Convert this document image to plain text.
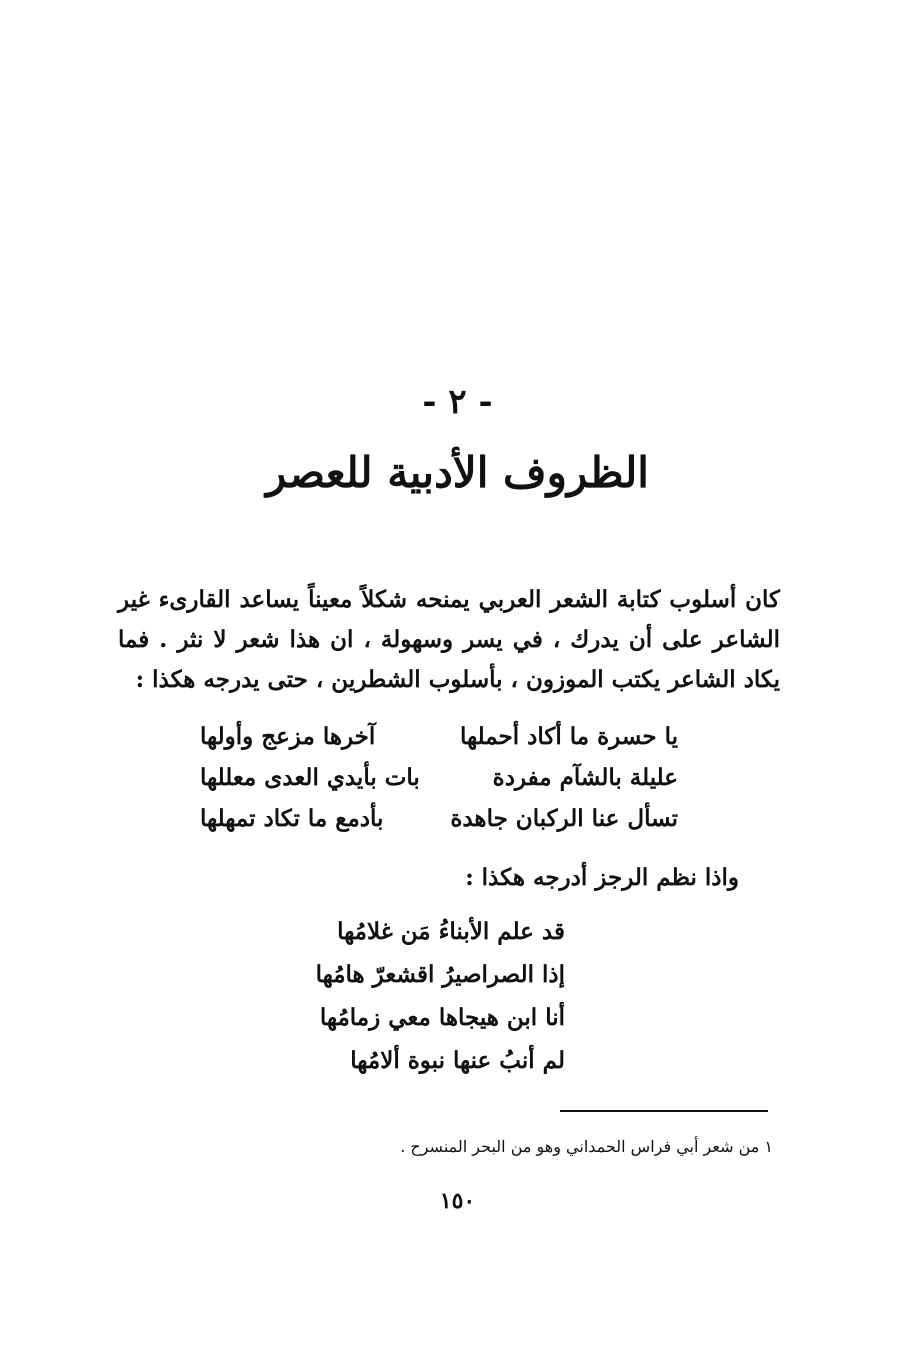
- ٢ -
الظروف الأدبية للعصر

كان أسلوب كتابة الشعر العربي يمنحه شكلاً معيناً يساعد القارىء غير الشاعر على أن يدرك ، في يسر وسهولة ، ان هذا شعر لا نثر . فما يكاد الشاعر يكتب الموزون ، بأسلوب الشطرين ، حتى يدرجه هكذا :

يا حسرة ما أكاد أحملها
آخرها مزعج وأولها
عليلة بالشآم مفردة
بات بأيدي العدى معللها
تسأل عنا الركبان جاهدة
بأدمع ما تكاد تمهلها
واذا نظم الرجز أدرجه هكذا :
قد علم الأبناءُ مَن غلامُها
إذا الصراصيرُ اقشعرّ هامُها
أنا ابن هيجاها معي زمامُها
لم أنبُ عنها نبوة ألامُها
١ من شعر أبي فراس الحمداني وهو من البحر المنسرح .
١٥٠
